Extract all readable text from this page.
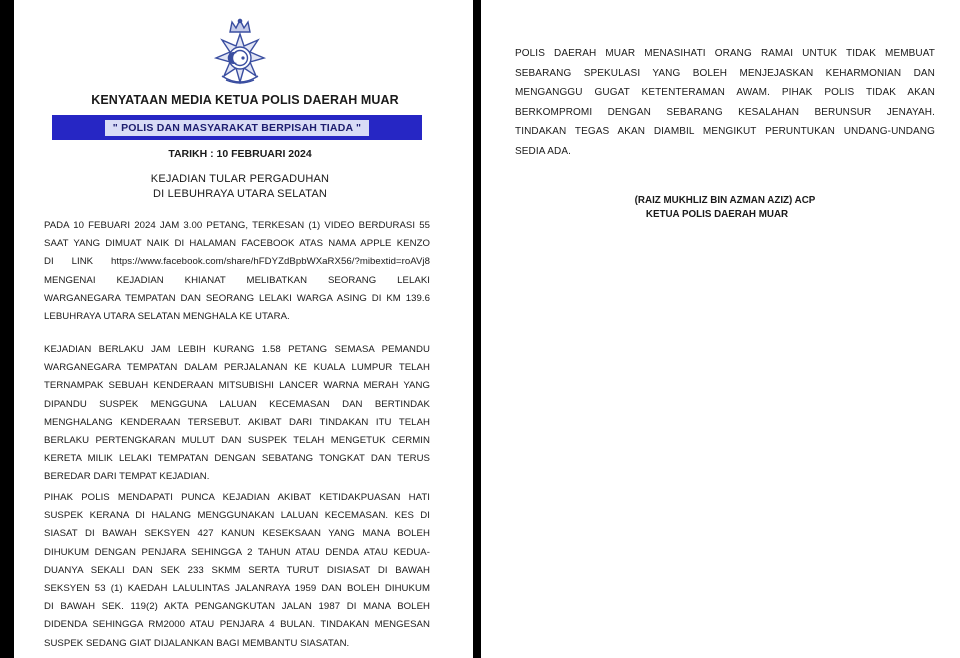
KENYATAAN MEDIA KETUA POLIS DAERAH MUAR
" POLIS DAN MASYARAKAT BERPISAH TIADA "
TARIKH : 10 FEBRUARI 2024
KEJADIAN TULAR PERGADUHAN
DI LEBUHRAYA UTARA SELATAN
PADA 10 FEBUARI 2024 JAM 3.00 PETANG, TERKESAN (1) VIDEO BERDURASI 55
SAAT YANG DIMUAT NAIK DI HALAMAN FACEBOOK ATAS NAMA APPLE KENZO
DI LINK https://www.facebook.com/share/hFDYZdBpbWXaRX56/?mibextid=roAVj8
MENGENAI KEJADIAN KHIANAT MELIBATKAN SEORANG LELAKI
WARGANEGARA TEMPATAN DAN SEORANG LELAKI WARGA ASING DI KM 139.6
LEBUHRAYA UTARA SELATAN MENGHALA KE UTARA.
KEJADIAN BERLAKU JAM LEBIH KURANG 1.58 PETANG SEMASA PEMANDU
WARGANEGARA TEMPATAN DALAM PERJALANAN KE KUALA LUMPUR TELAH
TERNAMPAK SEBUAH KENDERAAN MITSUBISHI LANCER WARNA MERAH YANG
DIPANDU SUSPEK MENGGUNA LALUAN KECEMASAN DAN BERTINDAK
MENGHALANG KENDERAAN TERSEBUT. AKIBAT DARI TINDAKAN ITU TELAH
BERLAKU PERTENGKARAN MULUT DAN SUSPEK TELAH MENGETUK CERMIN
KERETA MILIK LELAKI TEMPATAN DENGAN SEBATANG TONGKAT DAN TERUS
BEREDAR DARI TEMPAT KEJADIAN.
PIHAK POLIS MENDAPATI PUNCA KEJADIAN AKIBAT KETIDAKPUASAN HATI
SUSPEK KERANA DI HALANG MENGGUNAKAN LALUAN KECEMASAN. KES DI
SIASAT DI BAWAH SEKSYEN 427 KANUN KESEKSAAN YANG MANA BOLEH
DIHUKUM DENGAN PENJARA SEHINGGA 2 TAHUN ATAU DENDA ATAU KEDUA-
DUANYA SEKALI DAN SEK 233 SKMM SERTA TURUT DISIASAT DI BAWAH
SEKSYEN 53 (1) KAEDAH LALULINTAS JALANRAYA 1959 DAN BOLEH DIHUKUM
DI BAWAH SEK. 119(2) AKTA PENGANGKUTAN JALAN 1987 DI MANA BOLEH
DIDENDA SEHINGGA RM2000 ATAU PENJARA 4 BULAN. TINDAKAN MENGESAN
SUSPEK SEDANG GIAT DIJALANKAN BAGI MEMBANTU SIASATAN.
POLIS DAERAH MUAR MENASIHATI ORANG RAMAI UNTUK TIDAK MEMBUAT
SEBARANG SPEKULASI YANG BOLEH MENJEJASKAN KEHARMONIAN DAN
MENGANGGU GUGAT KETENTERAMAN AWAM. PIHAK POLIS TIDAK AKAN
BERKOMPROMI DENGAN SEBARANG KESALAHAN BERUNSUR JENAYAH.
TINDAKAN TEGAS AKAN DIAMBIL MENGIKUT PERUNTUKAN UNDANG-UNDANG
SEDIA ADA.
(RAIZ MUKHLIZ BIN AZMAN AZIZ) ACP
KETUA POLIS DAERAH MUAR
